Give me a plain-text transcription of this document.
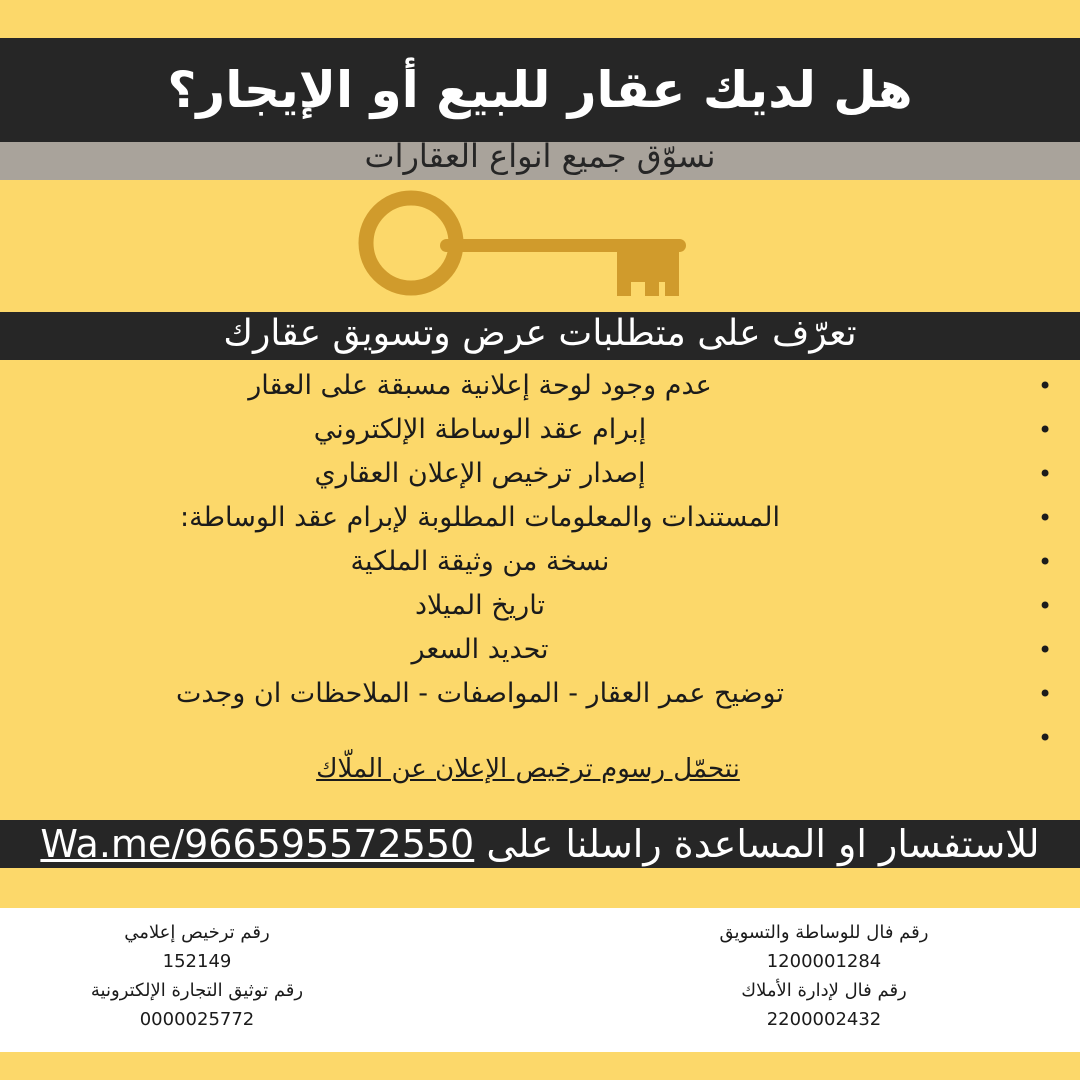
هل لديك عقار للبيع أو الإيجار؟
نسوّق جميع انواع العقارات
تعرّف على متطلبات عرض وتسويق عقارك
•
عدم وجود لوحة إعلانية مسبقة على العقار
•
إبرام عقد الوساطة الإلكتروني
•
إصدار ترخيص الإعلان العقاري
•
المستندات والمعلومات المطلوبة لإبرام عقد الوساطة:
•
نسخة من وثيقة الملكية
•
تاريخ الميلاد
•
تحديد السعر
•
توضيح عمر العقار - المواصفات - الملاحظات ان وجدت
•
نتحمّل رسوم ترخيص الإعلان عن الملّاك
للاستفسار او المساعدة راسلنا على Wa.me/966595572550
رقم فال للوساطة والتسويق
1200001284
رقم فال لإدارة الأملاك
2200002432
رقم ترخيص إعلامي
152149
رقم توثيق التجارة الإلكترونية
0000025772
